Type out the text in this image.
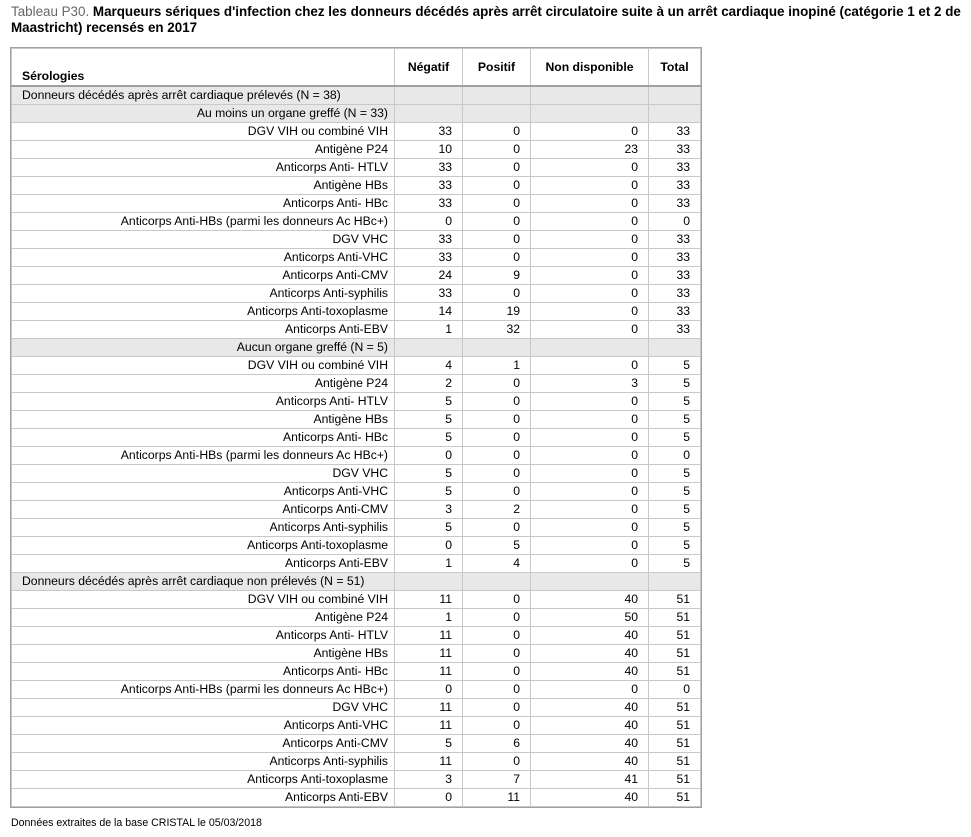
Tableau P30. Marqueurs sériques d'infection chez les donneurs décédés après arrêt circulatoire suite à un arrêt cardiaque inopiné (catégorie 1 et 2 de Maastricht) recensés en 2017
Sérologies	Négatif	Positif	Non disponible	Total
Donneurs décédés après arrêt cardiaque prélevés (N = 38)				
Au moins un organe greffé (N = 33)				
DGV VIH ou combiné VIH	33	0	0	33
Antigène P24	10	0	23	33
Anticorps Anti- HTLV	33	0	0	33
Antigène HBs	33	0	0	33
Anticorps Anti- HBc	33	0	0	33
Anticorps Anti-HBs (parmi les donneurs Ac HBc+)	0	0	0	0
DGV VHC	33	0	0	33
Anticorps Anti-VHC	33	0	0	33
Anticorps Anti-CMV	24	9	0	33
Anticorps Anti-syphilis	33	0	0	33
Anticorps Anti-toxoplasme	14	19	0	33
Anticorps Anti-EBV	1	32	0	33
Aucun organe greffé (N = 5)				
DGV VIH ou combiné VIH	4	1	0	5
Antigène P24	2	0	3	5
Anticorps Anti- HTLV	5	0	0	5
Antigène HBs	5	0	0	5
Anticorps Anti- HBc	5	0	0	5
Anticorps Anti-HBs (parmi les donneurs Ac HBc+)	0	0	0	0
DGV VHC	5	0	0	5
Anticorps Anti-VHC	5	0	0	5
Anticorps Anti-CMV	3	2	0	5
Anticorps Anti-syphilis	5	0	0	5
Anticorps Anti-toxoplasme	0	5	0	5
Anticorps Anti-EBV	1	4	0	5
Donneurs décédés après arrêt cardiaque non prélevés (N = 51)				
DGV VIH ou combiné VIH	11	0	40	51
Antigène P24	1	0	50	51
Anticorps Anti- HTLV	11	0	40	51
Antigène HBs	11	0	40	51
Anticorps Anti- HBc	11	0	40	51
Anticorps Anti-HBs (parmi les donneurs Ac HBc+)	0	0	0	0
DGV VHC	11	0	40	51
Anticorps Anti-VHC	11	0	40	51
Anticorps Anti-CMV	5	6	40	51
Anticorps Anti-syphilis	11	0	40	51
Anticorps Anti-toxoplasme	3	7	41	51
Anticorps Anti-EBV	0	11	40	51
Données extraites de la base CRISTAL le 05/03/2018
